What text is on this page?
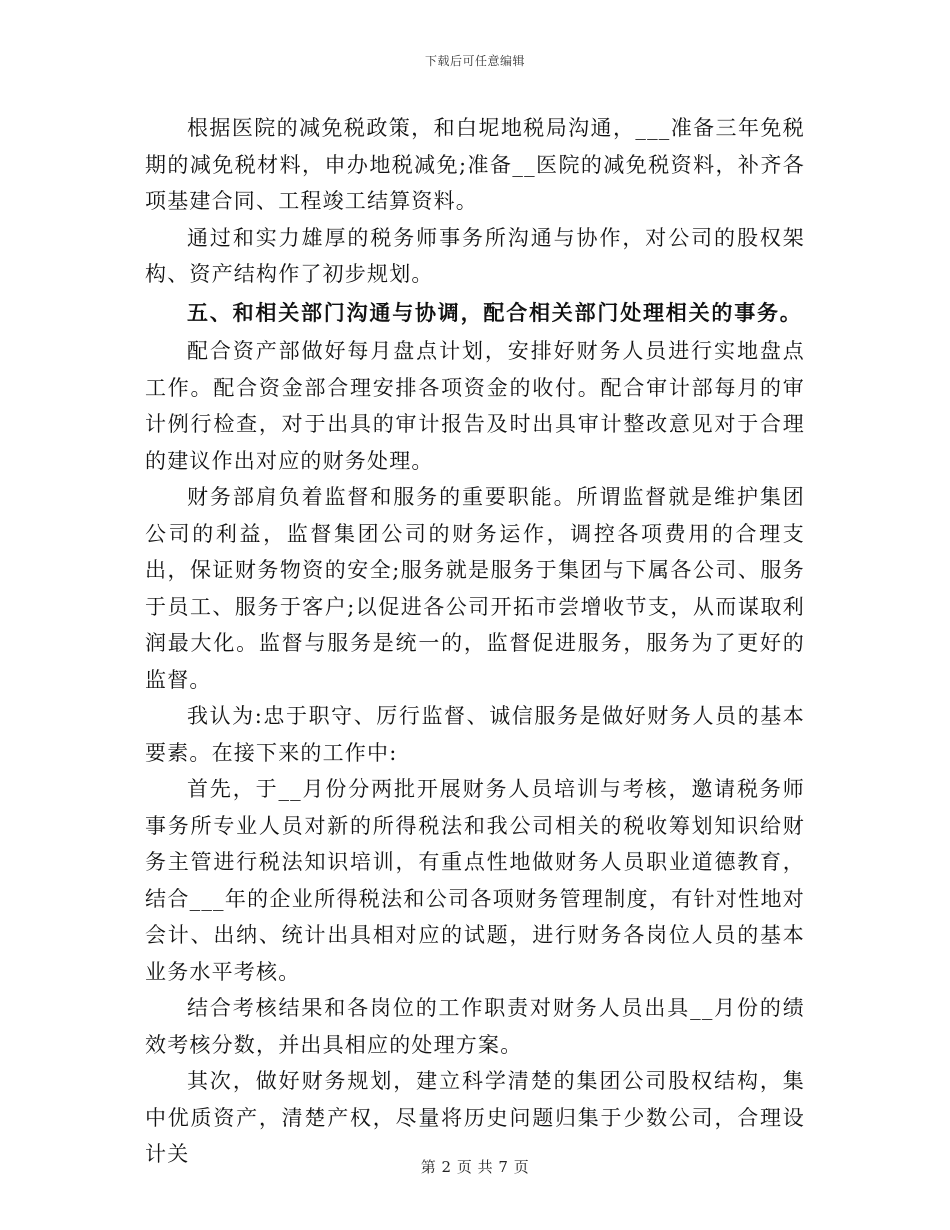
下载后可任意编辑

根据医院的减免税政策，和白坭地税局沟通，___准备三年免税期的减免税材料，申办地税减免;准备__医院的减免税资料，补齐各项基建合同、工程竣工结算资料。

通过和实力雄厚的税务师事务所沟通与协作，对公司的股权架构、资产结构作了初步规划。

五、和相关部门沟通与协调，配合相关部门处理相关的事务。

配合资产部做好每月盘点计划，安排好财务人员进行实地盘点工作。配合资金部合理安排各项资金的收付。配合审计部每月的审计例行检查，对于出具的审计报告及时出具审计整改意见对于合理的建议作出对应的财务处理。

财务部肩负着监督和服务的重要职能。所谓监督就是维护集团公司的利益，监督集团公司的财务运作，调控各项费用的合理支出，保证财务物资的安全;服务就是服务于集团与下属各公司、服务于员工、服务于客户;以促进各公司开拓市尝增收节支，从而谋取利润最大化。监督与服务是统一的，监督促进服务，服务为了更好的监督。

我认为:忠于职守、厉行监督、诚信服务是做好财务人员的基本要素。在接下来的工作中:

首先，于__月份分两批开展财务人员培训与考核，邀请税务师事务所专业人员对新的所得税法和我公司相关的税收筹划知识给财务主管进行税法知识培训，有重点性地做财务人员职业道德教育，结合___年的企业所得税法和公司各项财务管理制度，有针对性地对会计、出纳、统计出具相对应的试题，进行财务各岗位人员的基本业务水平考核。

结合考核结果和各岗位的工作职责对财务人员出具__月份的绩效考核分数，并出具相应的处理方案。

其次，做好财务规划，建立科学清楚的集团公司股权结构，集中优质资产，清楚产权，尽量将历史问题归集于少数公司，合理设计关

第 2 页 共 7 页
